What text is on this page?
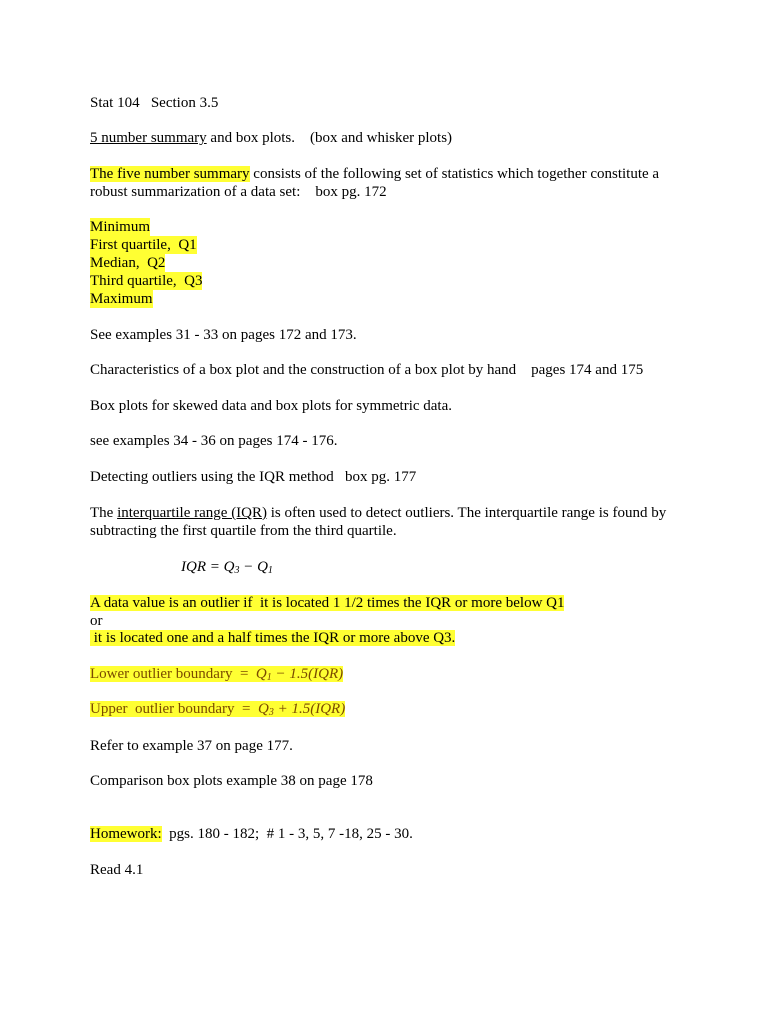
Stat 104 Section 3.5
5 number summary and box plots.    (box and whisker plots)
The five number summary consists of the following set of statistics which together constitute a
robust summarization of a data set:    box pg. 172
Minimum
First quartile,  Q1
Median,  Q2
Third quartile,  Q3
Maximum
See examples 31 - 33 on pages 172 and 173.
Characteristics of a box plot and the construction of a box plot by hand    pages 174 and 175
Box plots for skewed data and box plots for symmetric data.
see examples 34 - 36 on pages 174 - 176.
Detecting outliers using the IQR method   box pg. 177
The interquartile range (IQR) is often used to detect outliers. The interquartile range is found by
subtracting the first quartile from the third quartile.
IQR = $Q_3 - Q_1$
A data value is an outlier if  it is located 1 1/2 times the IQR or more below Q1
or
it is located one and a half times the IQR or more above Q3.
Lower outlier boundary  =  $Q_1 - 1.5(IQR)$
Upper  outlier boundary  =  $Q_3 + 1.5(IQR)$
Refer to example 37 on page 177.
Comparison box plots example 38 on page 178
Homework:  pgs. 180 - 182;  # 1 - 3, 5, 7 -18, 25 - 30.
Read 4.1
